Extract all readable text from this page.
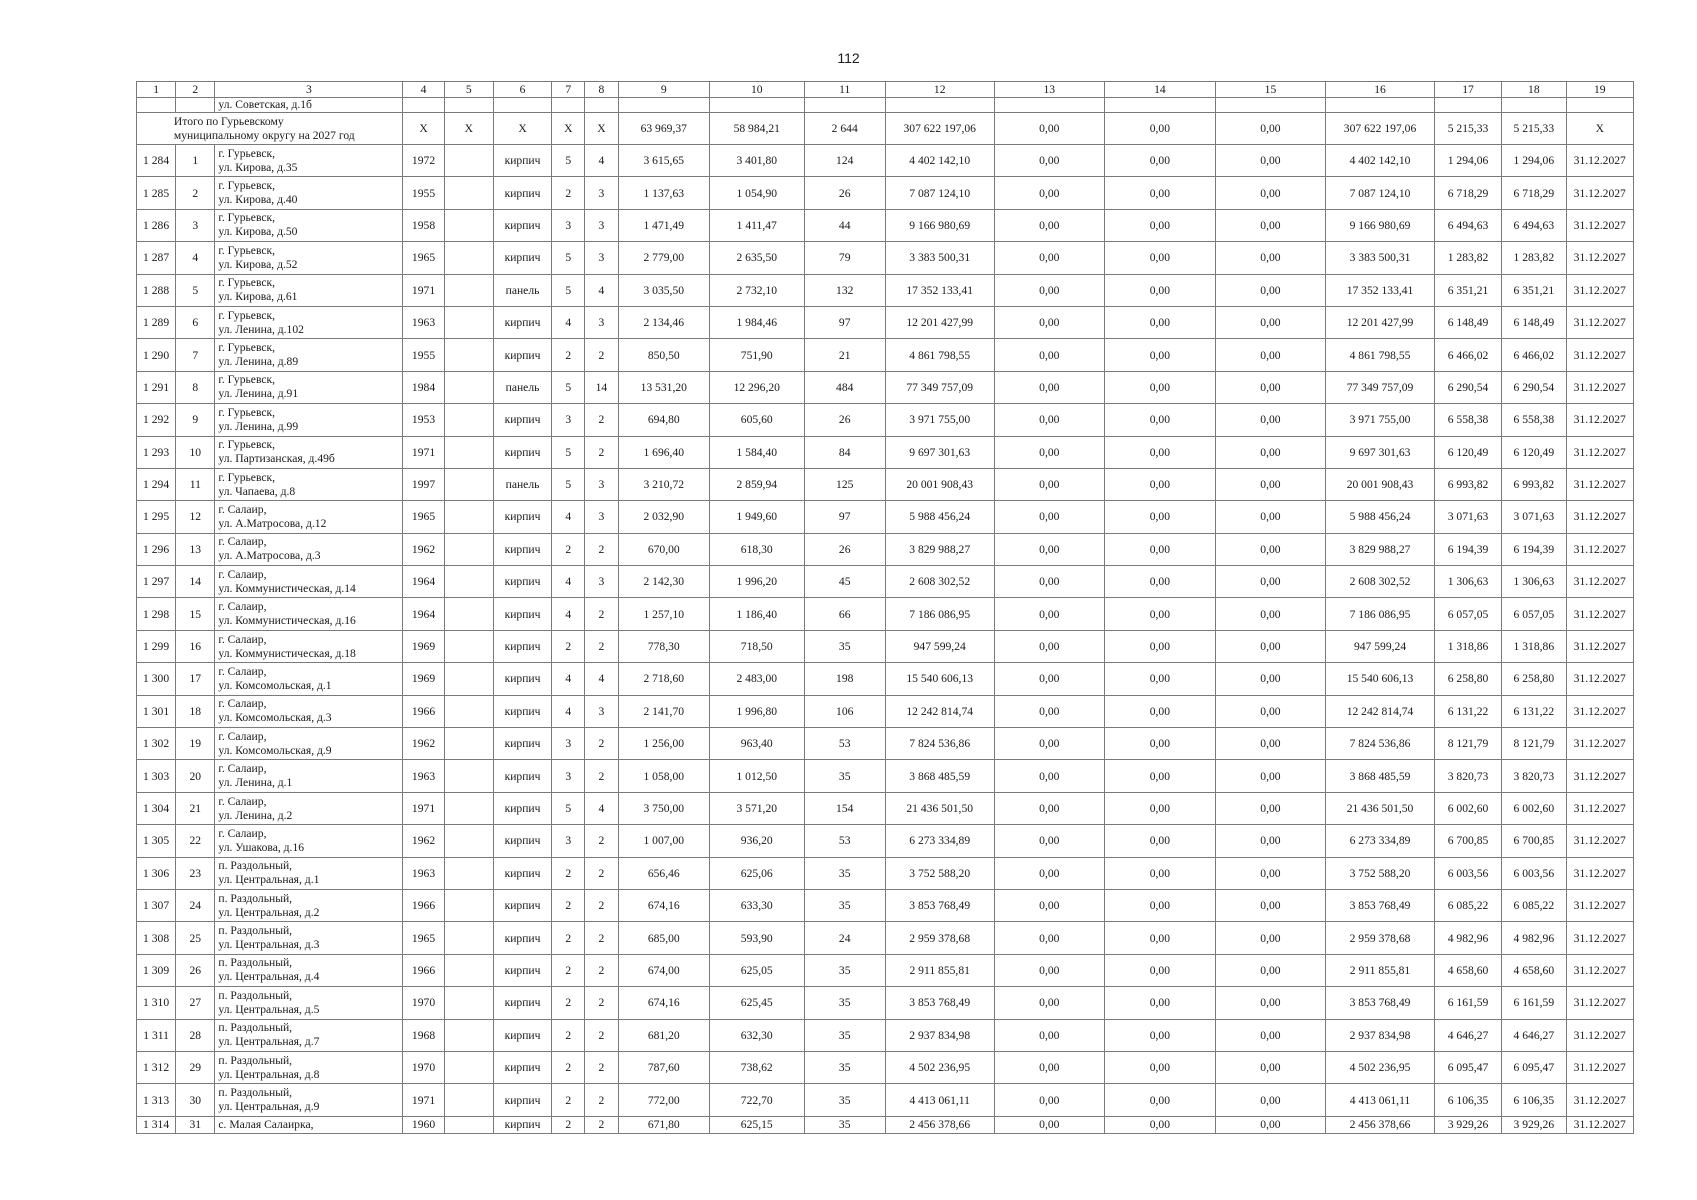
112
1	2	3	4	5	6	7	8	9	10	11	12	13	14	15	16	17	18	19
		ул. Советская, д.1б																

		Итого по Гурьевскому
муниципальному округу на 2027 год	X	X	X	X	X	63 969,37	58 984,21	2 644	307 622 197,06	0,00	0,00	0,00	307 622 197,06	5 215,33	5 215,33	X
1 284	1	г. Гурьевск,
ул. Кирова, д.35	1972		кирпич	5	4	3 615,65	3 401,80	124	4 402 142,10	0,00	0,00	0,00	4 402 142,10	1 294,06	1 294,06	31.12.2027
1 285	2	г. Гурьевск,
ул. Кирова, д.40	1955		кирпич	2	3	1 137,63	1 054,90	26	7 087 124,10	0,00	0,00	0,00	7 087 124,10	6 718,29	6 718,29	31.12.2027
1 286	3	г. Гурьевск,
ул. Кирова, д.50	1958		кирпич	3	3	1 471,49	1 411,47	44	9 166 980,69	0,00	0,00	0,00	9 166 980,69	6 494,63	6 494,63	31.12.2027
1 287	4	г. Гурьевск,
ул. Кирова, д.52	1965		кирпич	5	3	2 779,00	2 635,50	79	3 383 500,31	0,00	0,00	0,00	3 383 500,31	1 283,82	1 283,82	31.12.2027
1 288	5	г. Гурьевск,
ул. Кирова, д.61	1971		панель	5	4	3 035,50	2 732,10	132	17 352 133,41	0,00	0,00	0,00	17 352 133,41	6 351,21	6 351,21	31.12.2027
1 289	6	г. Гурьевск,
ул. Ленина, д.102	1963		кирпич	4	3	2 134,46	1 984,46	97	12 201 427,99	0,00	0,00	0,00	12 201 427,99	6 148,49	6 148,49	31.12.2027
1 290	7	г. Гурьевск,
ул. Ленина, д.89	1955		кирпич	2	2	850,50	751,90	21	4 861 798,55	0,00	0,00	0,00	4 861 798,55	6 466,02	6 466,02	31.12.2027
1 291	8	г. Гурьевск,
ул. Ленина, д.91	1984		панель	5	14	13 531,20	12 296,20	484	77 349 757,09	0,00	0,00	0,00	77 349 757,09	6 290,54	6 290,54	31.12.2027
1 292	9	г. Гурьевск,
ул. Ленина, д.99	1953		кирпич	3	2	694,80	605,60	26	3 971 755,00	0,00	0,00	0,00	3 971 755,00	6 558,38	6 558,38	31.12.2027
1 293	10	г. Гурьевск,
ул. Партизанская, д.49б	1971		кирпич	5	2	1 696,40	1 584,40	84	9 697 301,63	0,00	0,00	0,00	9 697 301,63	6 120,49	6 120,49	31.12.2027
1 294	11	г. Гурьевск,
ул. Чапаева, д.8	1997		панель	5	3	3 210,72	2 859,94	125	20 001 908,43	0,00	0,00	0,00	20 001 908,43	6 993,82	6 993,82	31.12.2027
1 295	12	г. Салаир,
ул. А.Матросова, д.12	1965		кирпич	4	3	2 032,90	1 949,60	97	5 988 456,24	0,00	0,00	0,00	5 988 456,24	3 071,63	3 071,63	31.12.2027
1 296	13	г. Салаир,
ул. А.Матросова, д.3	1962		кирпич	2	2	670,00	618,30	26	3 829 988,27	0,00	0,00	0,00	3 829 988,27	6 194,39	6 194,39	31.12.2027
1 297	14	г. Салаир,
ул. Коммунистическая, д.14	1964		кирпич	4	3	2 142,30	1 996,20	45	2 608 302,52	0,00	0,00	0,00	2 608 302,52	1 306,63	1 306,63	31.12.2027
1 298	15	г. Салаир,
ул. Коммунистическая, д.16	1964		кирпич	4	2	1 257,10	1 186,40	66	7 186 086,95	0,00	0,00	0,00	7 186 086,95	6 057,05	6 057,05	31.12.2027
1 299	16	г. Салаир,
ул. Коммунистическая, д.18	1969		кирпич	2	2	778,30	718,50	35	947 599,24	0,00	0,00	0,00	947 599,24	1 318,86	1 318,86	31.12.2027
1 300	17	г. Салаир,
ул. Комсомольская, д.1	1969		кирпич	4	4	2 718,60	2 483,00	198	15 540 606,13	0,00	0,00	0,00	15 540 606,13	6 258,80	6 258,80	31.12.2027
1 301	18	г. Салаир,
ул. Комсомольская, д.3	1966		кирпич	4	3	2 141,70	1 996,80	106	12 242 814,74	0,00	0,00	0,00	12 242 814,74	6 131,22	6 131,22	31.12.2027
1 302	19	г. Салаир,
ул. Комсомольская, д.9	1962		кирпич	3	2	1 256,00	963,40	53	7 824 536,86	0,00	0,00	0,00	7 824 536,86	8 121,79	8 121,79	31.12.2027
1 303	20	г. Салаир,
ул. Ленина, д.1	1963		кирпич	3	2	1 058,00	1 012,50	35	3 868 485,59	0,00	0,00	0,00	3 868 485,59	3 820,73	3 820,73	31.12.2027
1 304	21	г. Салаир,
ул. Ленина, д.2	1971		кирпич	5	4	3 750,00	3 571,20	154	21 436 501,50	0,00	0,00	0,00	21 436 501,50	6 002,60	6 002,60	31.12.2027
1 305	22	г. Салаир,
ул. Ушакова, д.16	1962		кирпич	3	2	1 007,00	936,20	53	6 273 334,89	0,00	0,00	0,00	6 273 334,89	6 700,85	6 700,85	31.12.2027
1 306	23	п. Раздольный,
ул. Центральная, д.1	1963		кирпич	2	2	656,46	625,06	35	3 752 588,20	0,00	0,00	0,00	3 752 588,20	6 003,56	6 003,56	31.12.2027
1 307	24	п. Раздольный,
ул. Центральная, д.2	1966		кирпич	2	2	674,16	633,30	35	3 853 768,49	0,00	0,00	0,00	3 853 768,49	6 085,22	6 085,22	31.12.2027
1 308	25	п. Раздольный,
ул. Центральная, д.3	1965		кирпич	2	2	685,00	593,90	24	2 959 378,68	0,00	0,00	0,00	2 959 378,68	4 982,96	4 982,96	31.12.2027
1 309	26	п. Раздольный,
ул. Центральная, д.4	1966		кирпич	2	2	674,00	625,05	35	2 911 855,81	0,00	0,00	0,00	2 911 855,81	4 658,60	4 658,60	31.12.2027
1 310	27	п. Раздольный,
ул. Центральная, д.5	1970		кирпич	2	2	674,16	625,45	35	3 853 768,49	0,00	0,00	0,00	3 853 768,49	6 161,59	6 161,59	31.12.2027
1 311	28	п. Раздольный,
ул. Центральная, д.7	1968		кирпич	2	2	681,20	632,30	35	2 937 834,98	0,00	0,00	0,00	2 937 834,98	4 646,27	4 646,27	31.12.2027
1 312	29	п. Раздольный,
ул. Центральная, д.8	1970		кирпич	2	2	787,60	738,62	35	4 502 236,95	0,00	0,00	0,00	4 502 236,95	6 095,47	6 095,47	31.12.2027
1 313	30	п. Раздольный,
ул. Центральная, д.9	1971		кирпич	2	2	772,00	722,70	35	4 413 061,11	0,00	0,00	0,00	4 413 061,11	6 106,35	6 106,35	31.12.2027
1 314	31	с. Малая Салаирка,	1960		кирпич	2	2	671,80	625,15	35	2 456 378,66	0,00	0,00	0,00	2 456 378,66	3 929,26	3 929,26	31.12.2027
